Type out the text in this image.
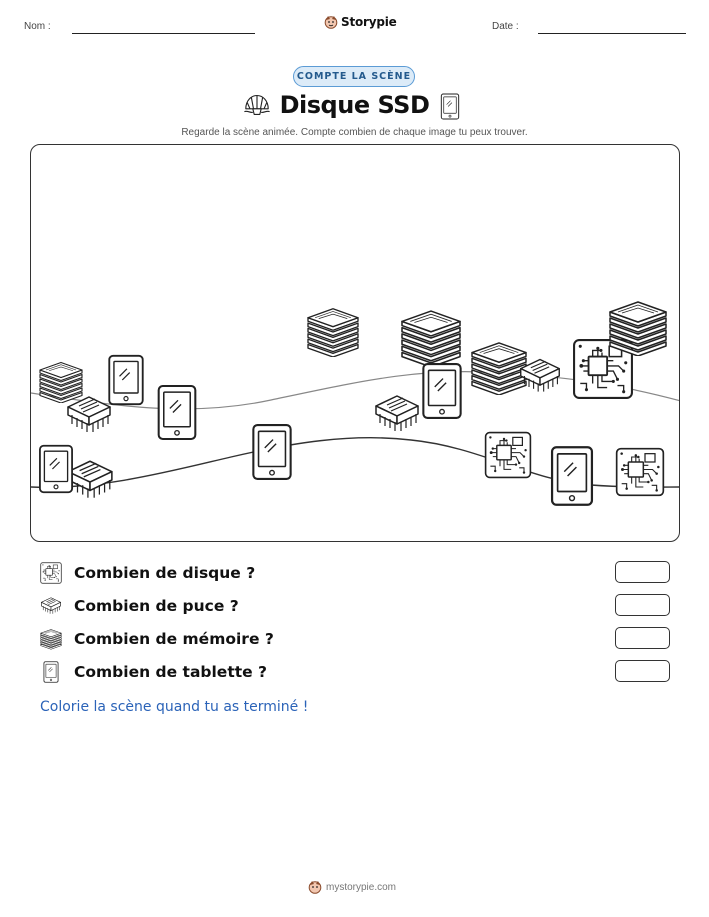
Nom :	Storypie	Date :
COMPTE LA SCÈNE
Disque SSD
Regarde la scène animée. Compte combien de chaque image tu peux trouver.
Combien de disque ?
Combien de puce ?
Combien de mémoire ?
Combien de tablette ?
Colorie la scène quand tu as terminé !
mystorypie.com
